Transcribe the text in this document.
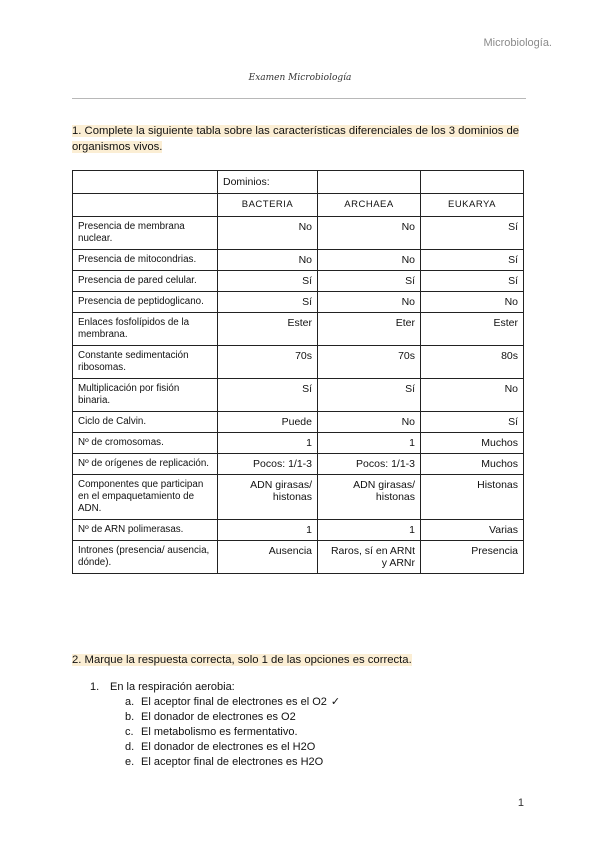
Microbiología.
Examen Microbiología
1. Complete la siguiente tabla sobre las características diferenciales de los 3 dominios de organismos vivos.
	Dominios:		
	BACTERIA	ARCHAEA	EUKARYA
Presencia de membrana nuclear.	No	No	Sí
Presencia de mitocondrias.	No	No	Sí
Presencia de pared celular.	Sí	Sí	Sí
Presencia de peptidoglicano.	Sí	No	No
Enlaces fosfolípidos de la membrana.	Ester	Eter	Ester
Constante sedimentación ribosomas.	70s	70s	80s
Multiplicación por fisión binaria.	Sí	Sí	No
Ciclo de Calvin.	Puede	No	Sí
Nº de cromosomas.	1	1	Muchos
Nº de orígenes de replicación.	Pocos: 1/1-3	Pocos: 1/1-3	Muchos
Componentes que participan en el empaquetamiento de ADN.	ADN girasas/ histonas	ADN girasas/ histonas	Histonas
Nº de ARN polimerasas.	1	1	Varias
Intrones (presencia/ ausencia, dónde).	Ausencia	Raros, sí en ARNt y ARNr	Presencia
2. Marque la respuesta correcta, solo 1 de las opciones es correcta.
1. En la respiración aerobia:
a. El aceptor final de electrones es el O2 ✓
b. El donador de electrones es O2
c. El metabolismo es fermentativo.
d. El donador de electrones es el H2O
e. El aceptor final de electrones es H2O
1
